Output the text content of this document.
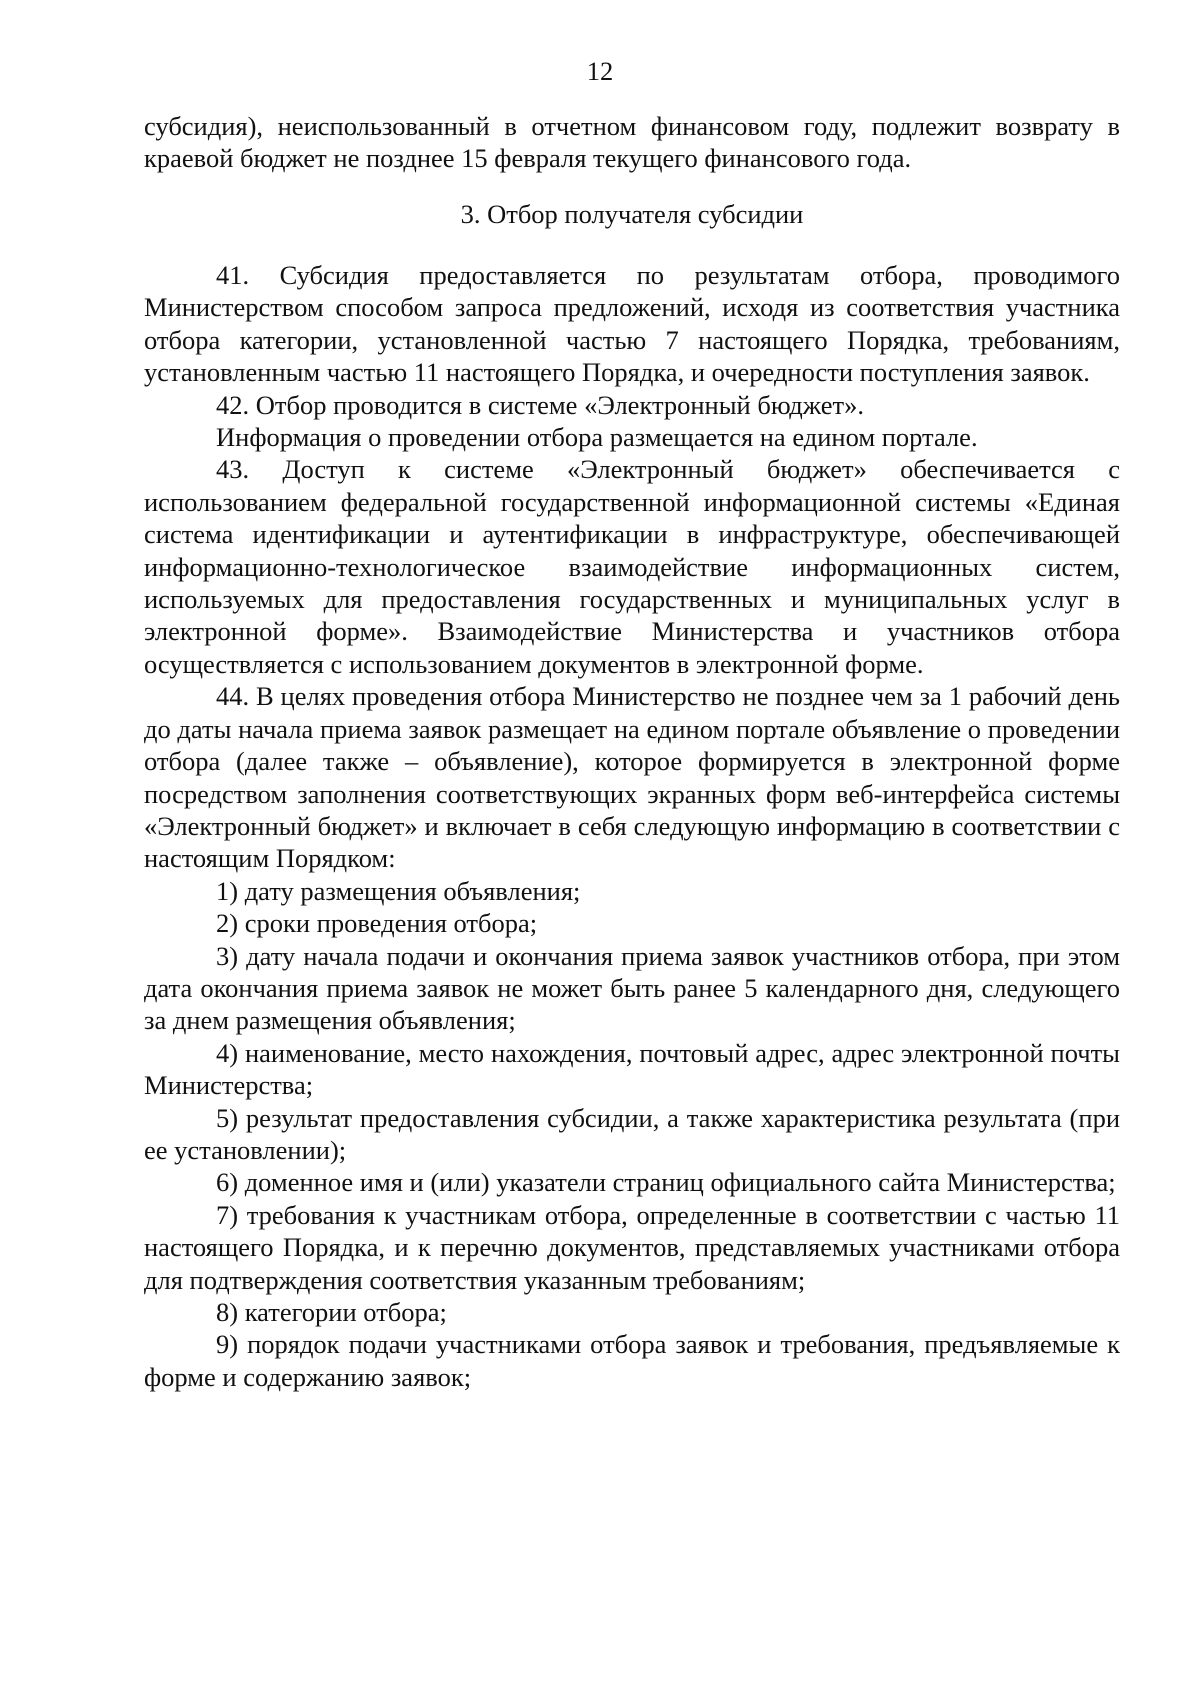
12

субсидия), неиспользованный в отчетном финансовом году, подлежит возврату в краевой бюджет не позднее 15 февраля текущего финансового года.

3. Отбор получателя субсидии

41. Субсидия предоставляется по результатам отбора, проводимого Министерством способом запроса предложений, исходя из соответствия участника отбора категории, установленной частью 7 настоящего Порядка, требованиям, установленным частью 11 настоящего Порядка, и очередности поступления заявок.

42. Отбор проводится в системе «Электронный бюджет».

Информация о проведении отбора размещается на едином портале.

43. Доступ к системе «Электронный бюджет» обеспечивается с использованием федеральной государственной информационной системы «Единая система идентификации и аутентификации в инфраструктуре, обеспечивающей информационно-технологическое взаимодействие информационных систем, используемых для предоставления государственных и муниципальных услуг в электронной форме». Взаимодействие Министерства и участников отбора осуществляется с использованием документов в электронной форме.

44. В целях проведения отбора Министерство не позднее чем за 1 рабочий день до даты начала приема заявок размещает на едином портале объявление о проведении отбора (далее также – объявление), которое формируется в электронной форме посредством заполнения соответствующих экранных форм веб-интерфейса системы «Электронный бюджет» и включает в себя следующую информацию в соответствии с настоящим Порядком:

1) дату размещения объявления;

2) сроки проведения отбора;

3) дату начала подачи и окончания приема заявок участников отбора, при этом дата окончания приема заявок не может быть ранее 5 календарного дня, следующего за днем размещения объявления;

4) наименование, место нахождения, почтовый адрес, адрес электронной почты Министерства;

5) результат предоставления субсидии, а также характеристика результата (при ее установлении);

6) доменное имя и (или) указатели страниц официального сайта Министерства;

7) требования к участникам отбора, определенные в соответствии с частью 11 настоящего Порядка, и к перечню документов, представляемых участниками отбора для подтверждения соответствия указанным требованиям;

8) категории отбора;

9) порядок подачи участниками отбора заявок и требования, предъявляемые к форме и содержанию заявок;
